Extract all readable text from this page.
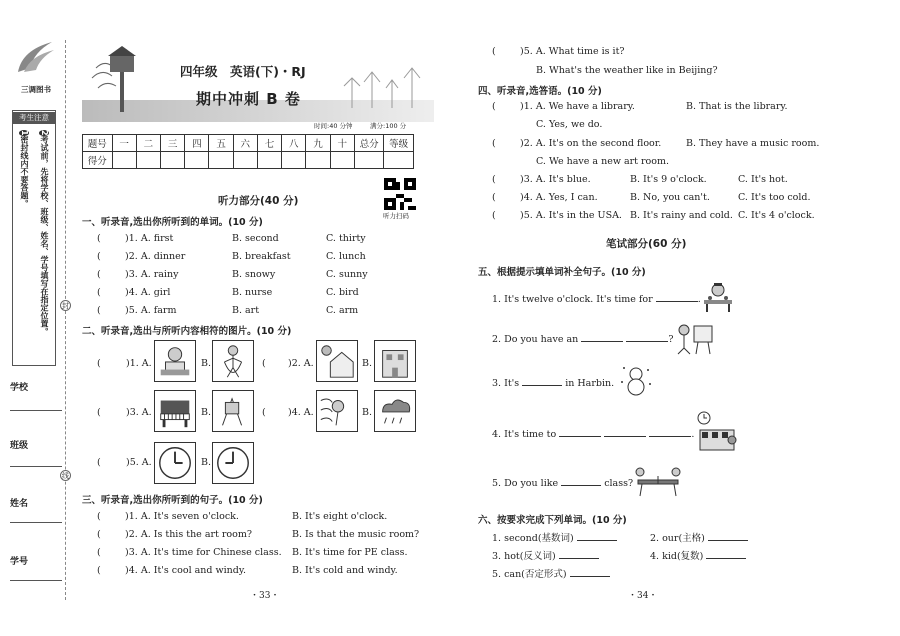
三调图书
考生注意
1密封线内不要答题。
2考试前，先将学校、班级、姓名、学号填写在指定位置。 封
线
学校
班级
姓名
学号
四年级　英语(下)・RJ
期中冲刺 B 卷
时间:40 分钟	满分:100 分
题号	一	二	三	四	五	六	七	八	九	十	总分	等级
得分												
听力扫码
听力部分(40 分)
一、听录音,选出你所听到的单词。(10 分)
(	)1. A. first	B. second	C. thirty
(	)2. A. dinner	B. breakfast	C. lunch
(	)3. A. rainy	B. snowy	C. sunny
(	)4. A. girl	B. nurse	C. bird
(	)5. A. farm	B. art	C. arm
二、听录音,选出与所听内容相符的图片。(10 分)
(	)1. A.	B.	( )2. A.	B.
(	)3. A.	B.	( )4. A.	B.
(	)5. A.	B.
三、听录音,选出你所听到的句子。(10 分)
(	)1. A. It's seven o'clock.	B. It's eight o'clock.
(	)2. A. Is this the art room?	B. Is that the music room?
(	)3. A. It's time for Chinese class. B. It's time for PE class.
(	)4. A. It's cool and windy.	B. It's cold and windy.
・33・
(	)5. A. What time is it?
B. What's the weather like in Beijing?
四、听录音,选答语。(10 分)
(	)1. A. We have a library.	B. That is the library.
C. Yes, we do.
(	)2. A. It's on the second floor.	B. They have a music room.
C. We have a new art room.
(	)3. A. It's blue.	B. It's 9 o'clock.	C. It's hot.
(	)4. A. Yes, I can.	B. No, you can't.	C. It's too cold.
(	)5. A. It's in the USA. B. It's rainy and cold. C. It's 4 o'clock.
笔试部分(60 分)
五、根据提示填单词补全句子。(10 分)
1. It's twelve o'clock. It's time for	.
2. Do you have an	?
3. It's	in Harbin.
4. It's time to	.
5. Do you like	class?
六、按要求完成下列单词。(10 分)
1. second(基数词)	2. our(主格)
3. hot(反义词)	4. kid(复数)
5. can(否定形式)
・34・
